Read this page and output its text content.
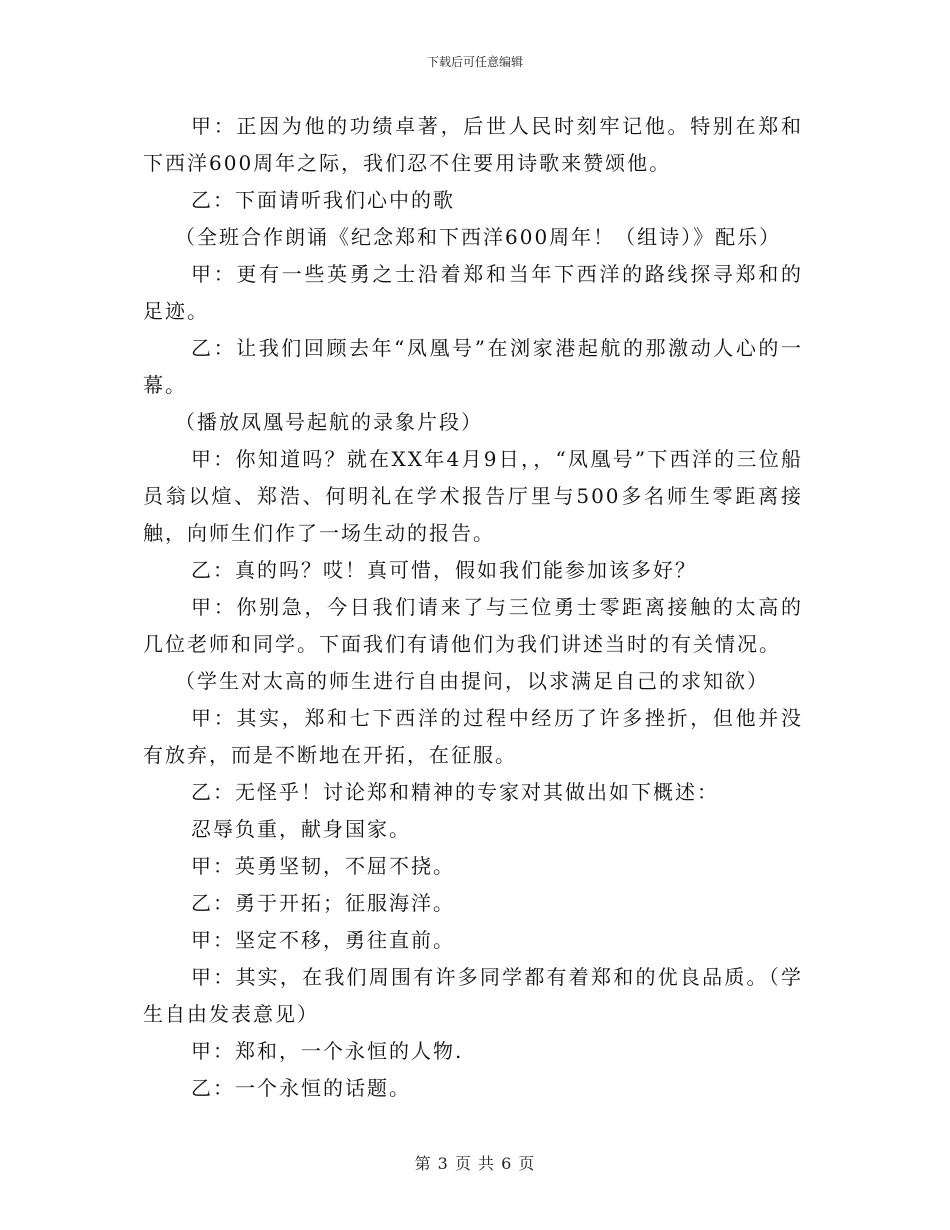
下载后可任意编辑

甲：正因为他的功绩卓著，后世人民时刻牢记他。特别在郑和下西洋600周年之际，我们忍不住要用诗歌来赞颂他。

乙：下面请听我们心中的歌

（全班合作朗诵《纪念郑和下西洋600周年！（组诗）》配乐）

甲：更有一些英勇之士沿着郑和当年下西洋的路线探寻郑和的足迹。

乙：让我们回顾去年“凤凰号”在浏家港起航的那激动人心的一幕。

（播放凤凰号起航的录象片段）

甲：你知道吗？就在XX年4月9日，，“凤凰号”下西洋的三位船员翁以煊、郑浩、何明礼在学术报告厅里与500多名师生零距离接触，向师生们作了一场生动的报告。

乙：真的吗？哎！真可惜，假如我们能参加该多好？

甲：你别急，今日我们请来了与三位勇士零距离接触的太高的几位老师和同学。下面我们有请他们为我们讲述当时的有关情况。

（学生对太高的师生进行自由提问，以求满足自己的求知欲）

甲：其实，郑和七下西洋的过程中经历了许多挫折，但他并没有放弃，而是不断地在开拓，在征服。

乙：无怪乎！讨论郑和精神的专家对其做出如下概述：

忍辱负重，献身国家。

甲：英勇坚韧，不屈不挠。

乙：勇于开拓；征服海洋。

甲：坚定不移，勇往直前。

甲：其实，在我们周围有许多同学都有着郑和的优良品质。（学生自由发表意见）

甲：郑和，一个永恒的人物.

乙：一个永恒的话题。

第 3 页 共 6 页
